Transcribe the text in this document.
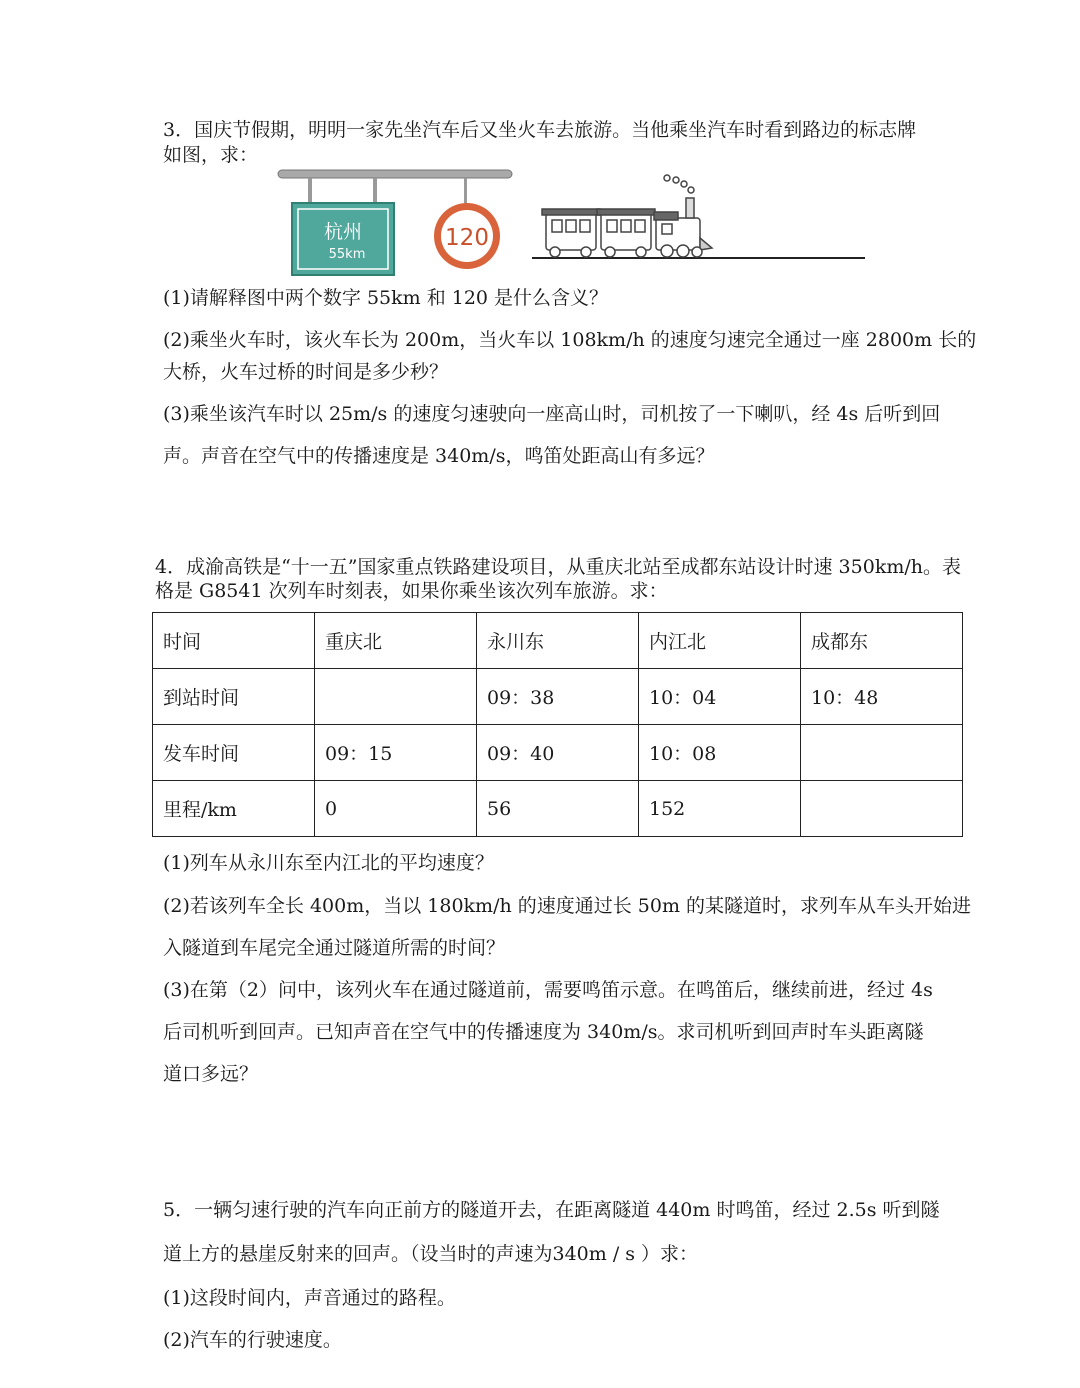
3．国庆节假期，明明一家先坐汽车后又坐火车去旅游。当他乘坐汽车时看到路边的标志牌

如图，求：

杭州
55km
120

(1)请解释图中两个数字 55km 和 120 是什么含义？

(2)乘坐火车时，该火车长为 200m，当火车以 108km/h 的速度匀速完全通过一座 2800m 长的

大桥，火车过桥的时间是多少秒？

(3)乘坐该汽车时以 25m/s 的速度匀速驶向一座高山时，司机按了一下喇叭，经 4s 后听到回

声。声音在空气中的传播速度是 340m/s，鸣笛处距高山有多远？

4．成渝高铁是“十一五”国家重点铁路建设项目，从重庆北站至成都东站设计时速 350km/h。表

格是 G8541 次列车时刻表，如果你乘坐该次列车旅游。求：

时间	重庆北	永川东	内江北	成都东
到站时间		09：38	10：04	10：48
发车时间	09：15	09：40	10：08	
里程/km	0	56	152	

(1)列车从永川东至内江北的平均速度？

(2)若该列车全长 400m，当以 180km/h 的速度通过长 50m 的某隧道时，求列车从车头开始进

入隧道到车尾完全通过隧道所需的时间？

(3)在第（2）问中，该列火车在通过隧道前，需要鸣笛示意。在鸣笛后，继续前进，经过 4s

后司机听到回声。已知声音在空气中的传播速度为 340m/s。求司机听到回声时车头距离隧

道口多远？

5．一辆匀速行驶的汽车向正前方的隧道开去，在距离隧道 440m 时鸣笛，经过 2.5s 听到隧

道上方的悬崖反射来的回声。（设当时的声速为340m / s ）求：

(1)这段时间内，声音通过的路程。

(2)汽车的行驶速度。
